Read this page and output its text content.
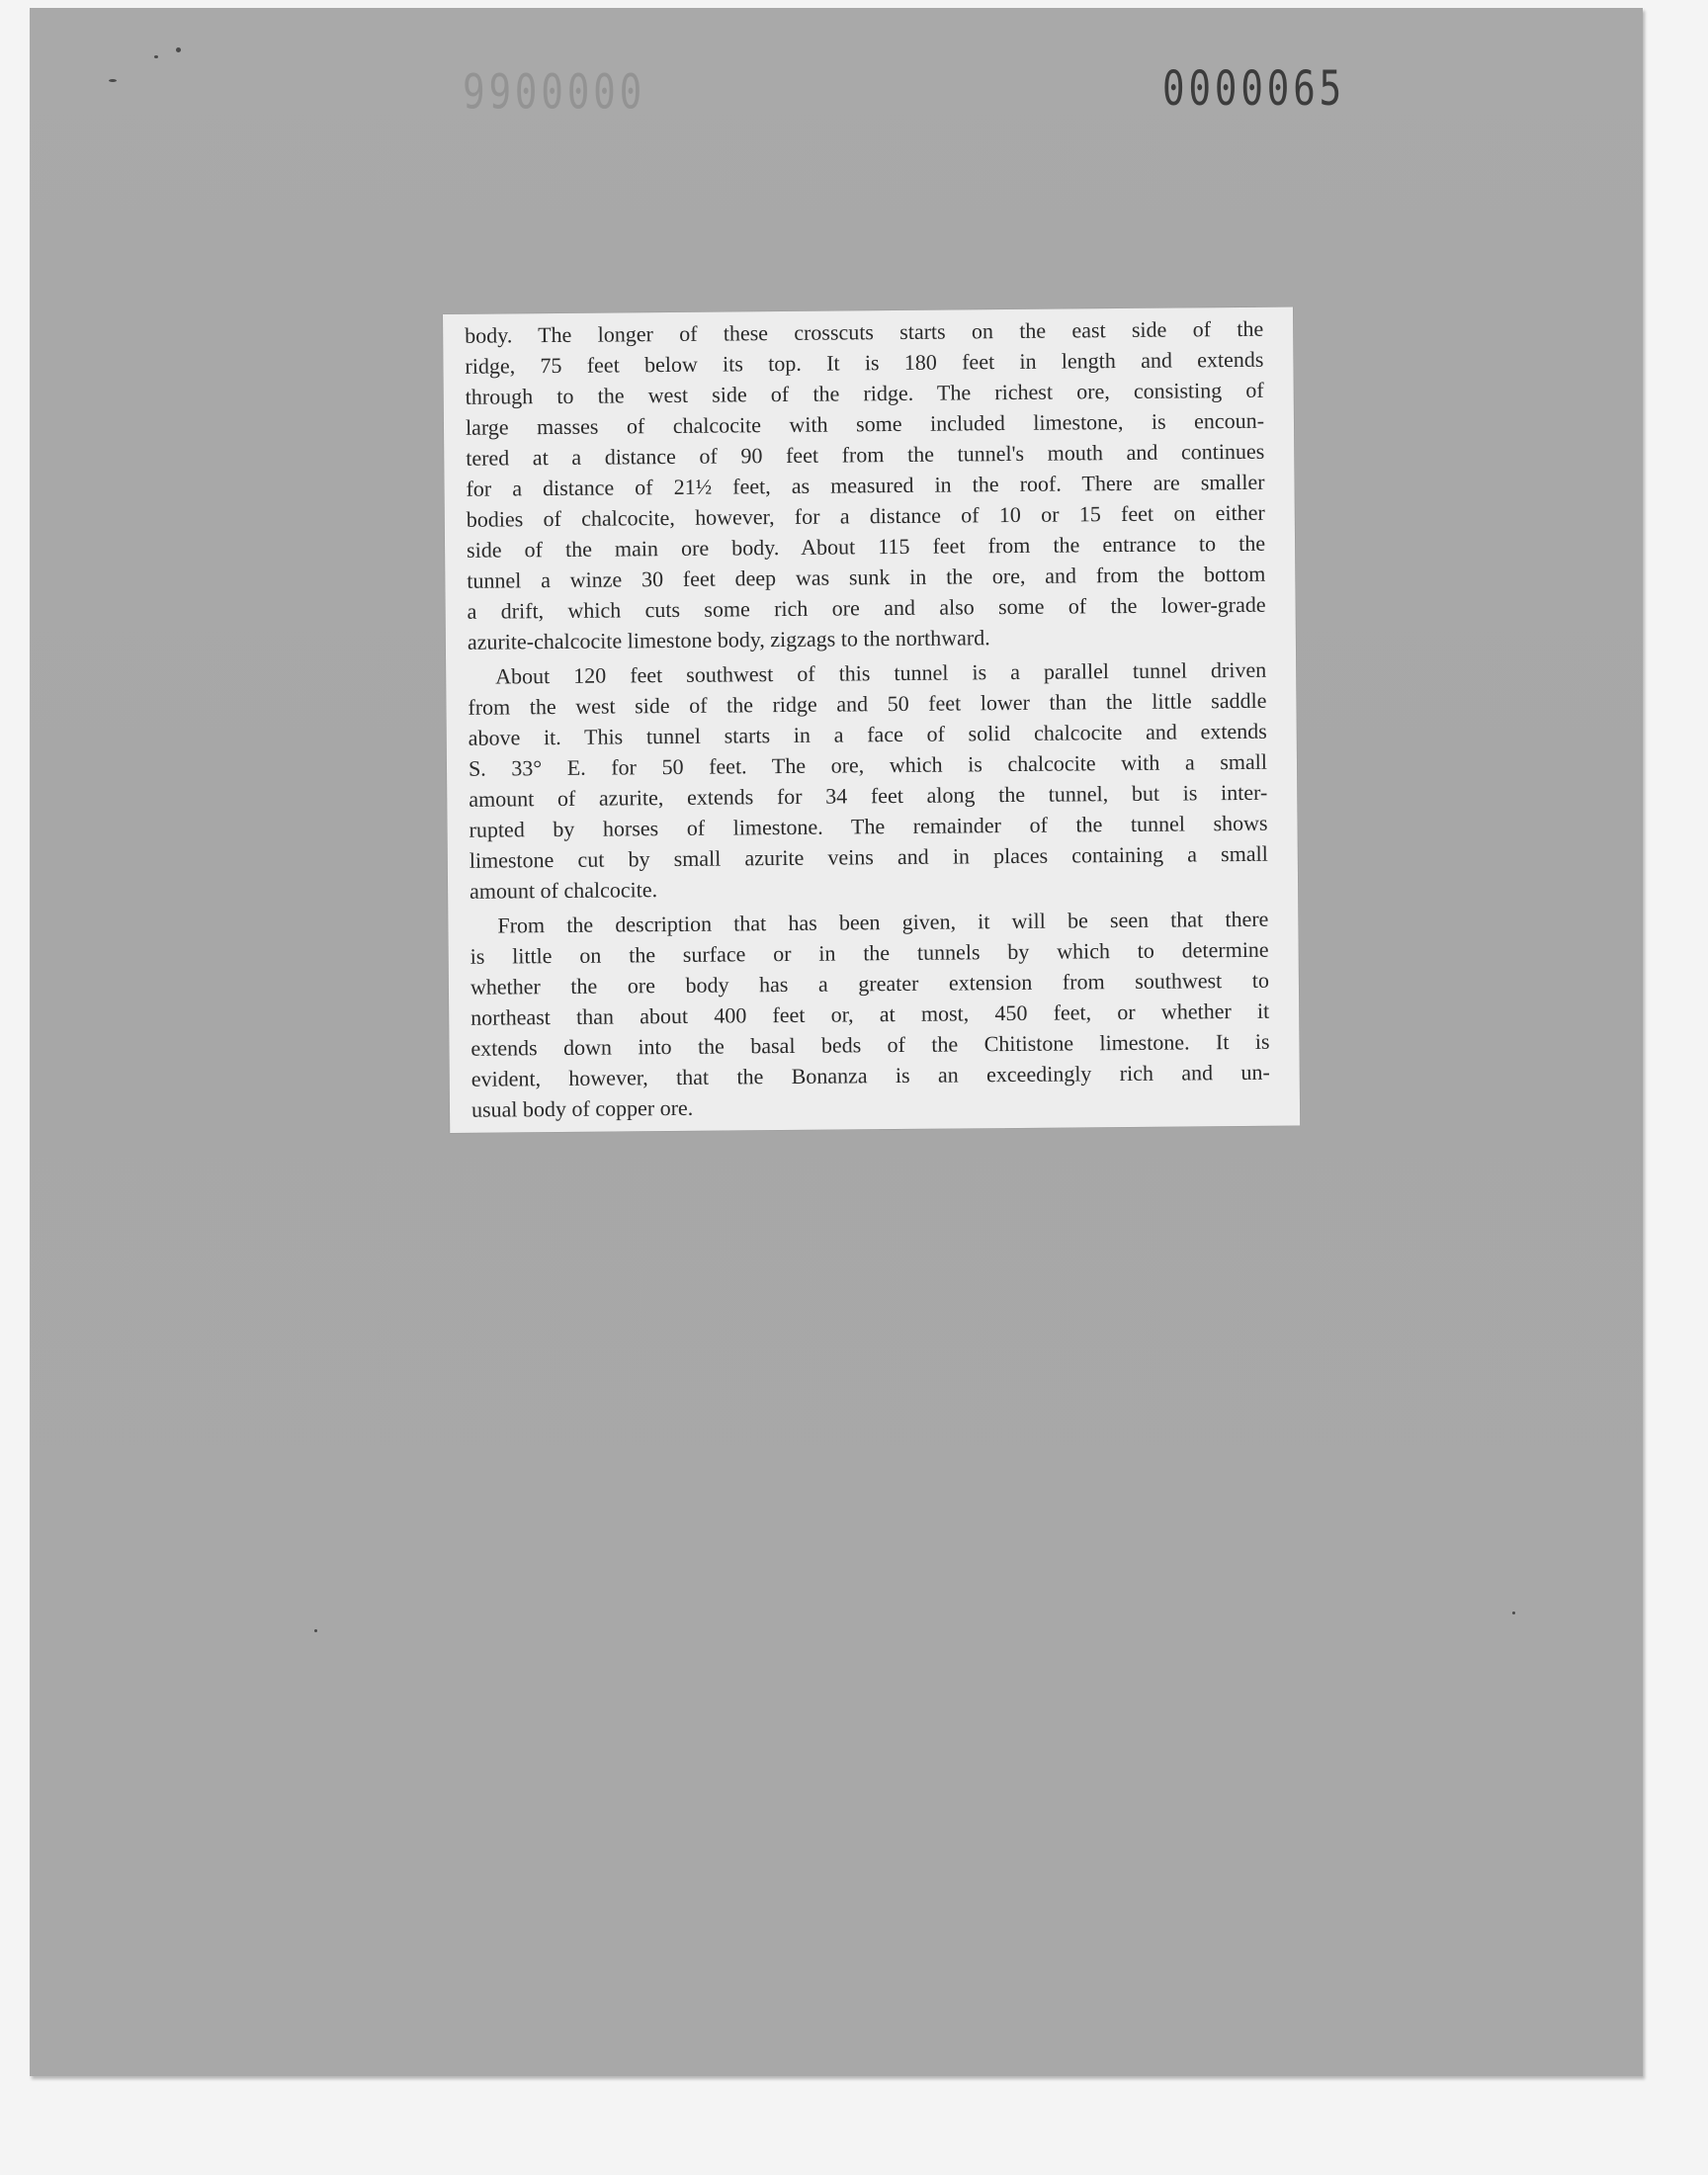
0000066	0000065

body. The longer of these crosscuts starts on the east side of the
ridge, 75 feet below its top. It is 180 feet in length and extends
through to the west side of the ridge. The richest ore, consisting of
large masses of chalcocite with some included limestone, is encoun-
tered at a distance of 90 feet from the tunnel's mouth and continues
for a distance of 21½ feet, as measured in the roof. There are smaller
bodies of chalcocite, however, for a distance of 10 or 15 feet on either
side of the main ore body. About 115 feet from the entrance to the
tunnel a winze 30 feet deep was sunk in the ore, and from the bottom
a drift, which cuts some rich ore and also some of the lower-grade
azurite-chalcocite limestone body, zigzags to the northward.

About 120 feet southwest of this tunnel is a parallel tunnel driven
from the west side of the ridge and 50 feet lower than the little saddle
above it. This tunnel starts in a face of solid chalcocite and extends
S. 33° E. for 50 feet. The ore, which is chalcocite with a small
amount of azurite, extends for 34 feet along the tunnel, but is inter-
rupted by horses of limestone. The remainder of the tunnel shows
limestone cut by small azurite veins and in places containing a small
amount of chalcocite.

From the description that has been given, it will be seen that there
is little on the surface or in the tunnels by which to determine
whether the ore body has a greater extension from southwest to
northeast than about 400 feet or, at most, 450 feet, or whether it
extends down into the basal beds of the Chitistone limestone. It is
evident, however, that the Bonanza is an exceedingly rich and un-
usual body of copper ore.
